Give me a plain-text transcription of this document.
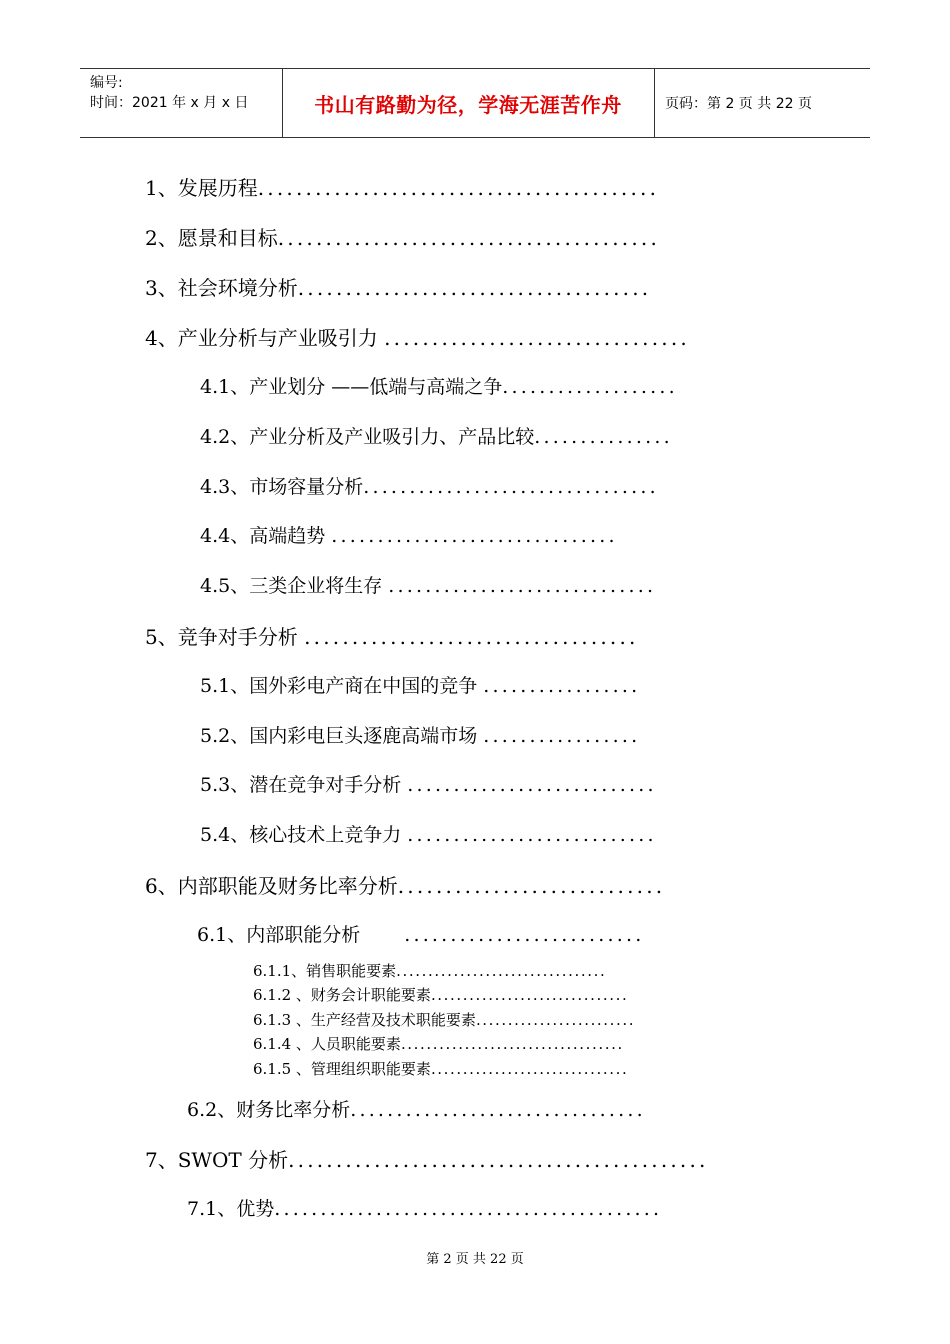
编号:
时间：2021 年 x 月 x 日	书山有路勤为径，学海无涯苦作舟	页码：第 2 页 共 22 页
1、发展历程..........................................
2、愿景和目标........................................
3、社会环境分析.....................................
4、产业分析与产业吸引力 ................................
4.1、产业划分 ——低端与高端之争...................
4.2、产业分析及产业吸引力、产品比较...............
4.3、市场容量分析................................
4.4、高端趋势 ...............................
4.5、三类企业将生存 .............................
5、竞争对手分析 ...................................
5.1、国外彩电产商在中国的竞争 .................
5.2、国内彩电巨头逐鹿高端市场 .................
5.3、潜在竞争对手分析 ...........................
5.4、核心技术上竞争力 ...........................
6、内部职能及财务比率分析............................
6.1、内部职能分析 ..........................
6.1.1、销售职能要素.................................
6.1.2 、财务会计职能要素...............................
6.1.3 、生产经营及技术职能要素.........................
6.1.4 、人员职能要素...................................
6.1.5 、管理组织职能要素...............................
6.2、财务比率分析................................
7、SWOT 分析............................................
7.1、优势..........................................
第 2 页 共 22 页
